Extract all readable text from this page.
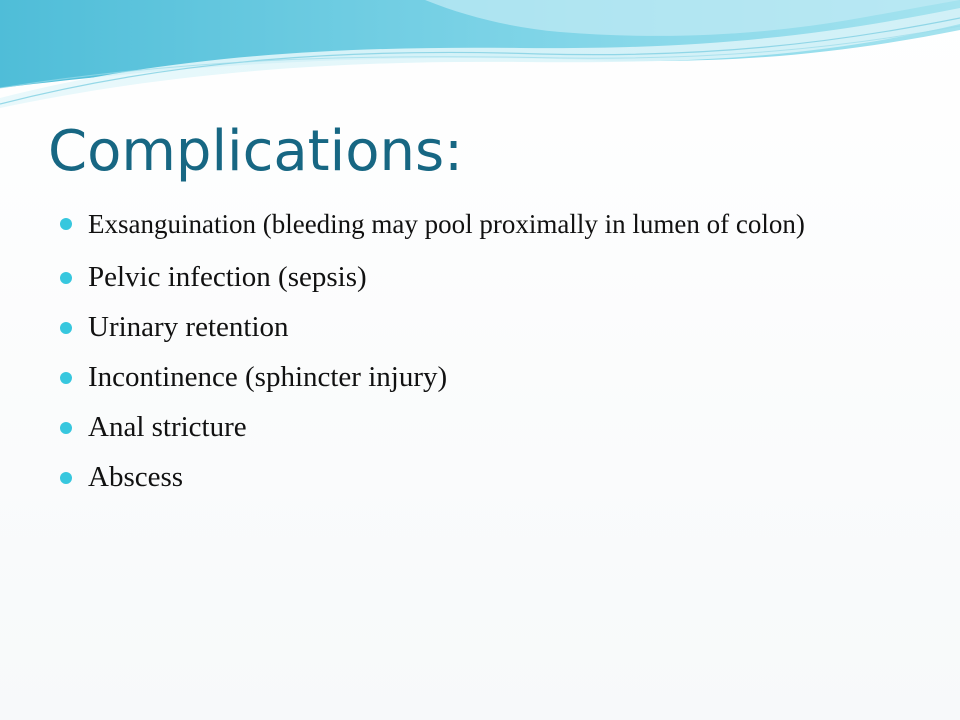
Complications:
Exsanguination (bleeding may pool proximally in lumen of colon)
Pelvic infection (sepsis)
Urinary retention
Incontinence (sphincter injury)
Anal stricture
Abscess
